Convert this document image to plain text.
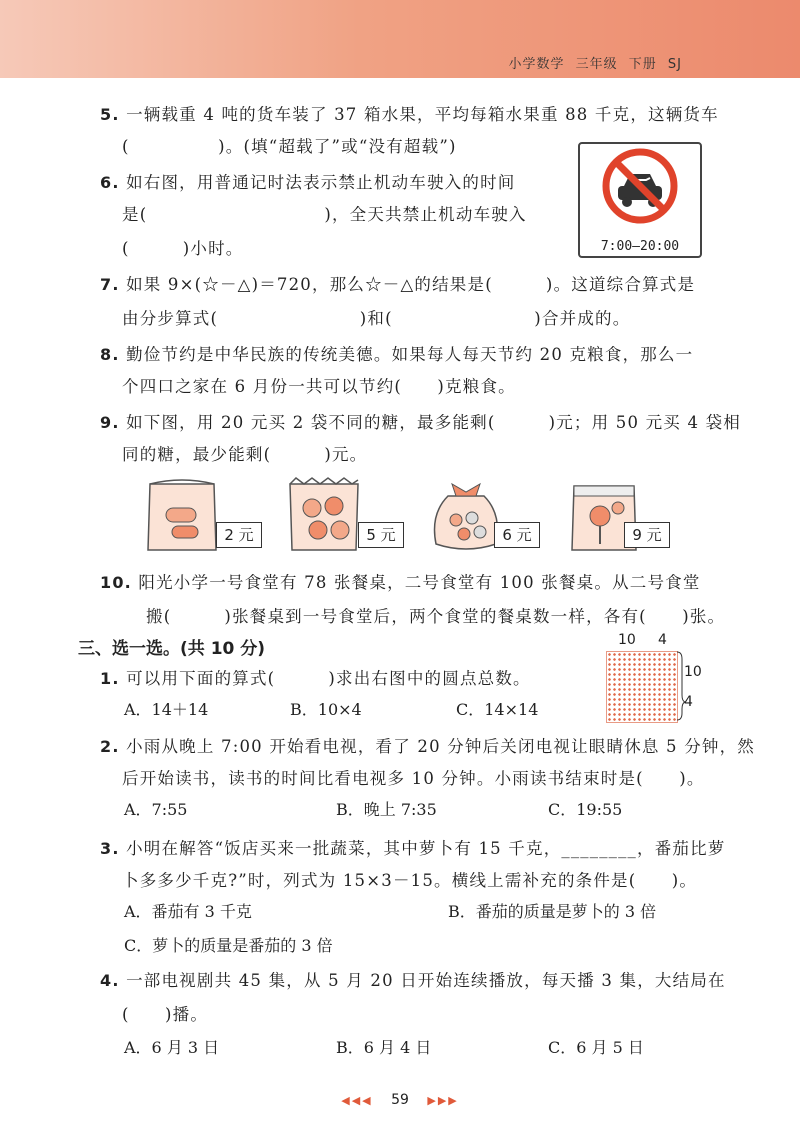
小学数学 三年级 下册 SJ
5. 一辆载重 4 吨的货车装了 37 箱水果，平均每箱水果重 88 千克，这辆货车
(　　　　　)。(填“超载了”或“没有超载”)
6. 如右图，用普通记时法表示禁止机动车驶入的时间
是(　　　　　　　　　　)，全天共禁止机动车驶入
(　　　)小时。	7:00—20:00
7. 如果 9×(☆－△)＝720，那么☆－△的结果是(　　　)。这道综合算式是
由分步算式(　　　　　　　　)和(　　　　　　　　)合并成的。
8. 勤俭节约是中华民族的传统美德。如果每人每天节约 20 克粮食，那么一
个四口之家在 6 月份一共可以节约(　　)克粮食。
9. 如下图，用 20 元买 2 袋不同的糖，最多能剩(　　　)元；用 50 元买 4 袋相
同的糖，最少能剩(　　　)元。
2 元	5 元	6 元	9 元
10. 阳光小学一号食堂有 78 张餐桌，二号食堂有 100 张餐桌。从二号食堂
搬(　　　)张餐桌到一号食堂后，两个食堂的餐桌数一样，各有(　　)张。
三、选一选。(共 10 分)
1. 可以用下面的算式(　　　)求出右图中的圆点总数。
A．14＋14	B．10×4	C．14×14
10 4
10
4
2. 小雨从晚上 7:00 开始看电视，看了 20 分钟后关闭电视让眼睛休息 5 分钟，然
后开始读书，读书的时间比看电视多 10 分钟。小雨读书结束时是(　　)。
A．7:55	B．晚上 7:35	C．19:55
3. 小明在解答“饭店买来一批蔬菜，其中萝卜有 15 千克，________，番茄比萝
卜多多少千克?”时，列式为 15×3－15。横线上需补充的条件是(　　)。
A．番茄有 3 千克	B．番茄的质量是萝卜的 3 倍
C．萝卜的质量是番茄的 3 倍
4. 一部电视剧共 45 集，从 5 月 20 日开始连续播放，每天播 3 集，大结局在
(　　)播。
A．6 月 3 日	B．6 月 4 日	C．6 月 5 日
◀◀◀ 59 ▶▶▶
